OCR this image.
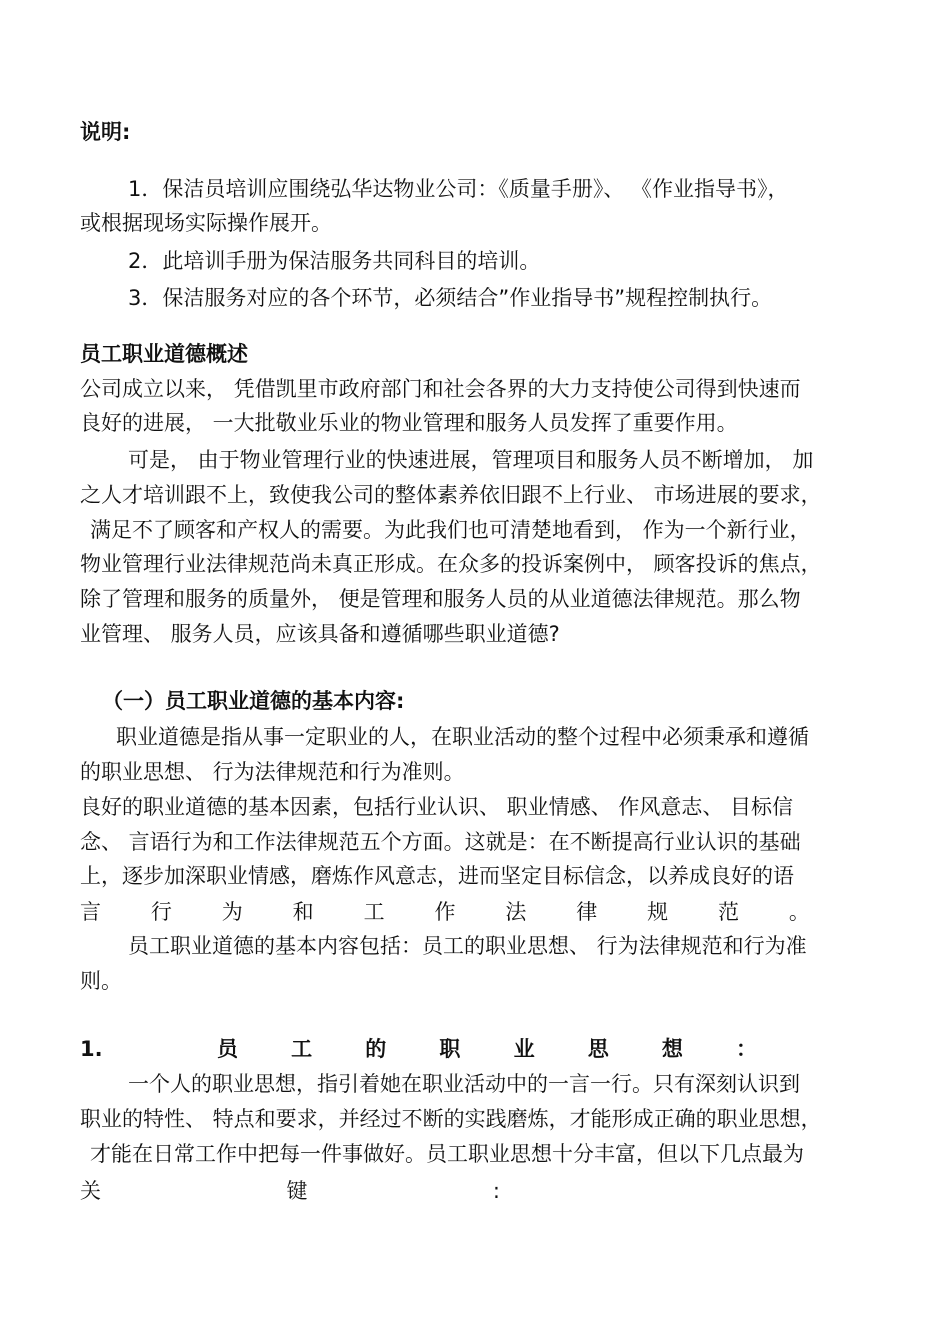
说明:
1．保洁员培训应围绕弘华达物业公司：《质量手册》、 《作业指导书》，
或根据现场实际操作展开。
2．此培训手册为保洁服务共同科目的培训。
3．保洁服务对应的各个环节，必须结合”作业指导书”规程控制执行。
员工职业道德概述
公司成立以来， 凭借凯里市政府部门和社会各界的大力支持使公司得到快速而
良好的进展， 一大批敬业乐业的物业管理和服务人员发挥了重要作用。
可是， 由于物业管理行业的快速进展，管理项目和服务人员不断增加， 加
之人才培训跟不上，致使我公司的整体素养依旧跟不上行业、 市场进展的要求，
满足不了顾客和产权人的需要。为此我们也可清楚地看到， 作为一个新行业，
物业管理行业法律规范尚未真正形成。在众多的投诉案例中， 顾客投诉的焦点，
除了管理和服务的质量外， 便是管理和服务人员的从业道德法律规范。那么物
业管理、 服务人员，应该具备和遵循哪些职业道德?
（一）员工职业道德的基本内容:
职业道德是指从事一定职业的人，在职业活动的整个过程中必须秉承和遵循
的职业思想、 行为法律规范和行为准则。
良好的职业道德的基本因素，包括行业认识、 职业情感、 作风意志、 目标信
念、 言语行为和工作法律规范五个方面。这就是：在不断提高行业认识的基础
上，逐步加深职业情感，磨炼作风意志，进而坚定目标信念，以养成良好的语
言 行 为 和 工 作 法 律 规 范 。
员工职业道德的基本内容包括：员工的职业思想、 行为法律规范和行为准
则。
1.	员	工	的	职	业	思	想	：
一个人的职业思想，指引着她在职业活动中的一言一行。只有深刻认识到
职业的特性、 特点和要求，并经过不断的实践磨炼，才能形成正确的职业思想，
才能在日常工作中把每一件事做好。员工职业思想十分丰富，但以下几点最为
关	键	:
